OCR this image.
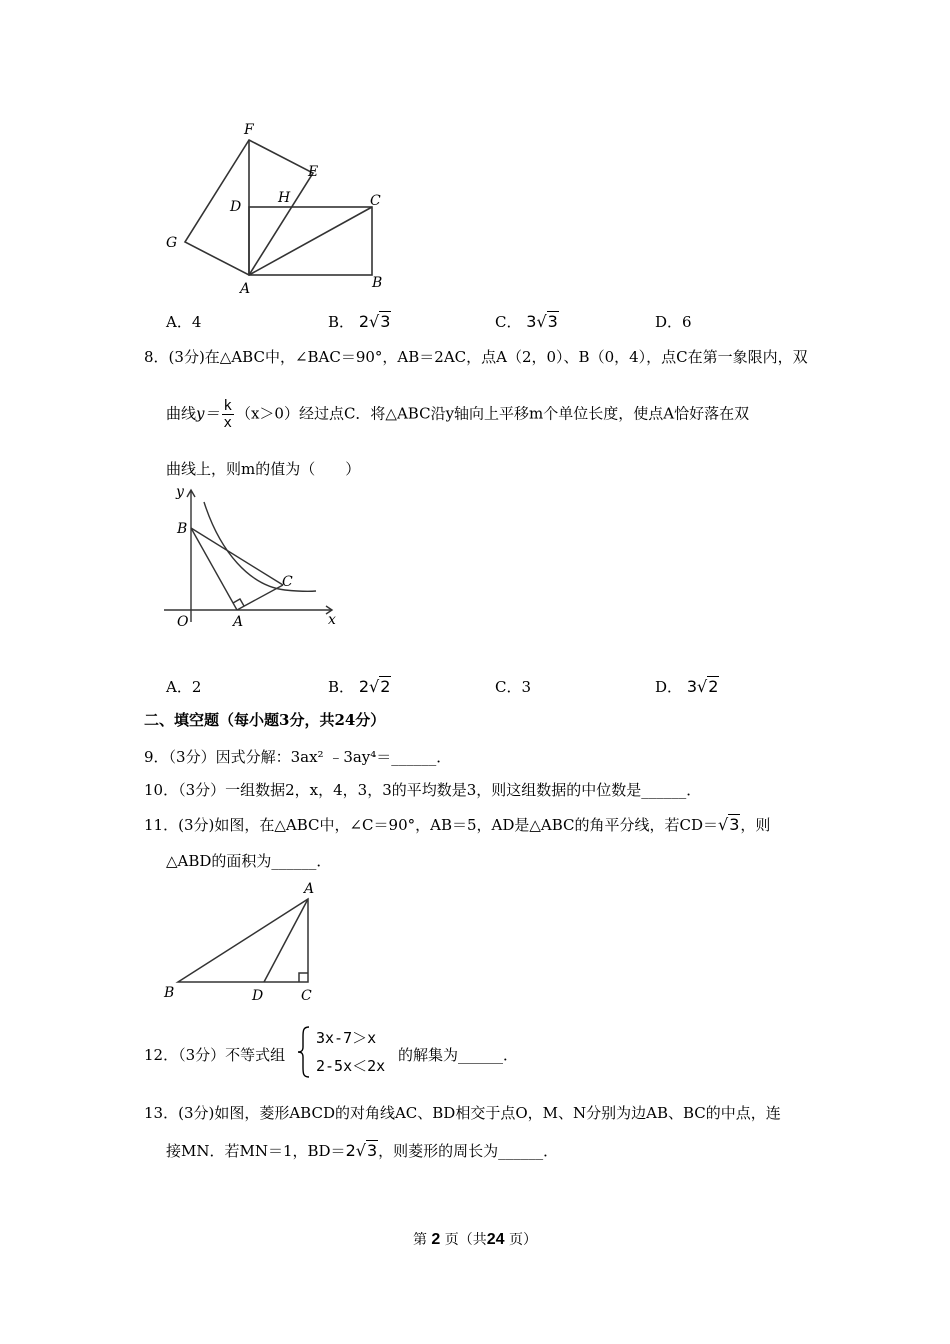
F
E
D
H	C
G
A	B
A．4	B． 2√3	C． 3√3	D．6
8．(3分)在△ABC中，∠BAC＝90°，AB＝2AC，点A（2，0）、B（0，4），点C在第一象限内，双
曲线$y= \frac{k}{x} (x>0)$经过点C．将△ABC沿y轴向上平移m个单位长度，使点A恰好落在双
曲线上，则m的值为（　　）
y
B
C
O	A	x
A．2	B． 2√2	C．3	D． 3√2
二、填空题（每小题3分，共24分）
9．（3分）因式分解：3ax² ﹣3ay⁴＝______．
10．（3分）一组数据2，x，4，3，3的平均数是3，则这组数据的中位数是______．
11．(3分)如图，在△ABC中，∠C＝90°，AB＝5，AD是△ABC的角平分线，若CD＝√3，则
△ABD的面积为______．
A
B	D	C
12．（3分）不等式组
3x-7＞x
2-5x＜2x
的解集为______．
13．(3分)如图，菱形ABCD的对角线AC、BD相交于点O，M、N分别为边AB、BC的中点，连
接MN．若MN＝1，BD＝2√3，则菱形的周长为______．
第 2 页（共24 页）
